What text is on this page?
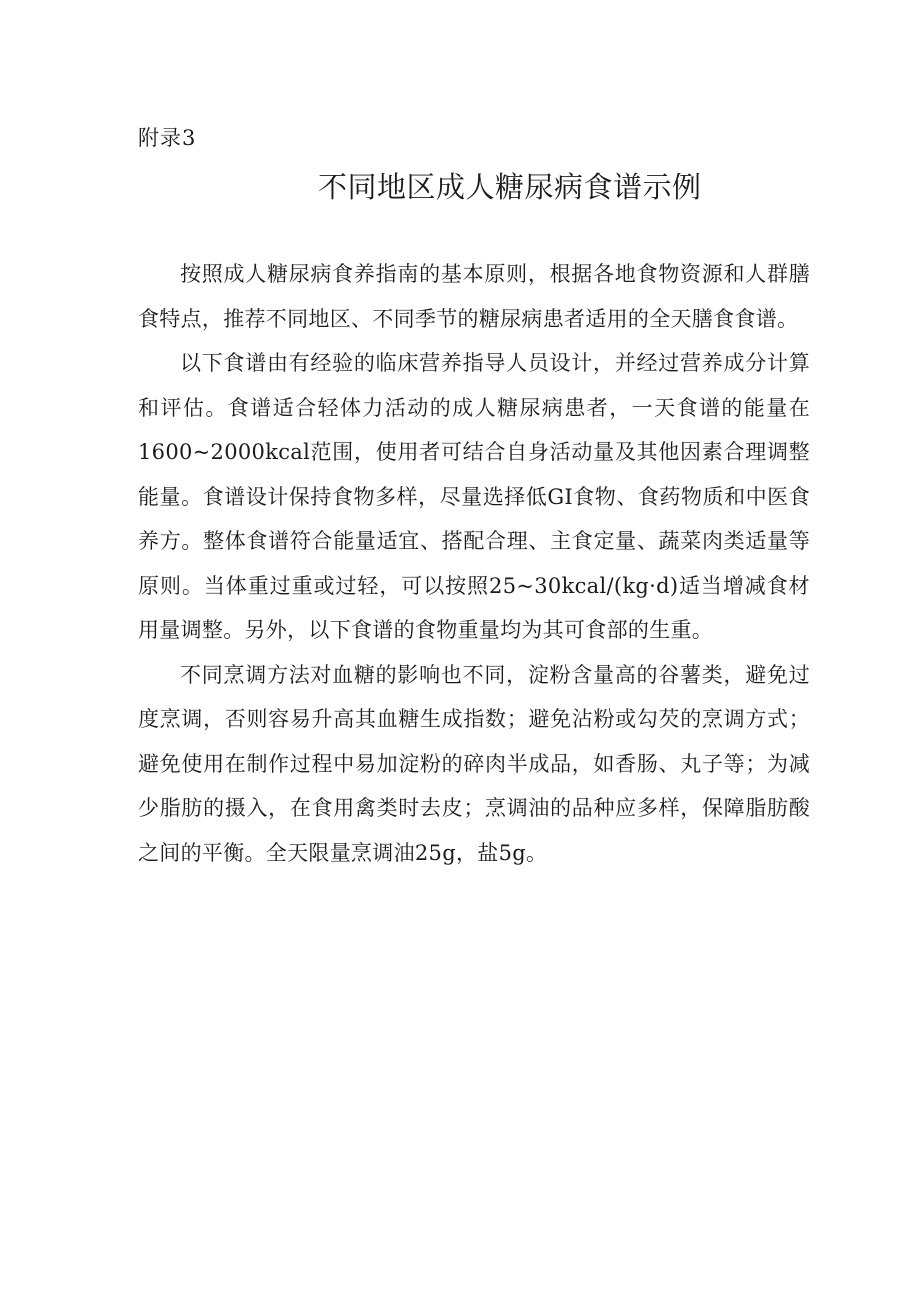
附录3
不同地区成人糖尿病食谱示例

按照成人糖尿病食养指南的基本原则，根据各地食物资源和人群膳食特点，推荐不同地区、不同季节的糖尿病患者适用的全天膳食食谱。

以下食谱由有经验的临床营养指导人员设计，并经过营养成分计算和评估。食谱适合轻体力活动的成人糖尿病患者，一天食谱的能量在1600~2000kcal范围，使用者可结合自身活动量及其他因素合理调整能量。食谱设计保持食物多样，尽量选择低GI食物、食药物质和中医食养方。整体食谱符合能量适宜、搭配合理、主食定量、蔬菜肉类适量等原则。当体重过重或过轻，可以按照25~30kcal/(kg·d)适当增减食材用量调整。另外，以下食谱的食物重量均为其可食部的生重。

不同烹调方法对血糖的影响也不同，淀粉含量高的谷薯类，避免过度烹调，否则容易升高其血糖生成指数；避免沾粉或勾芡的烹调方式；避免使用在制作过程中易加淀粉的碎肉半成品，如香肠、丸子等；为减少脂肪的摄入，在食用禽类时去皮；烹调油的品种应多样，保障脂肪酸之间的平衡。全天限量烹调油25g，盐5g。
